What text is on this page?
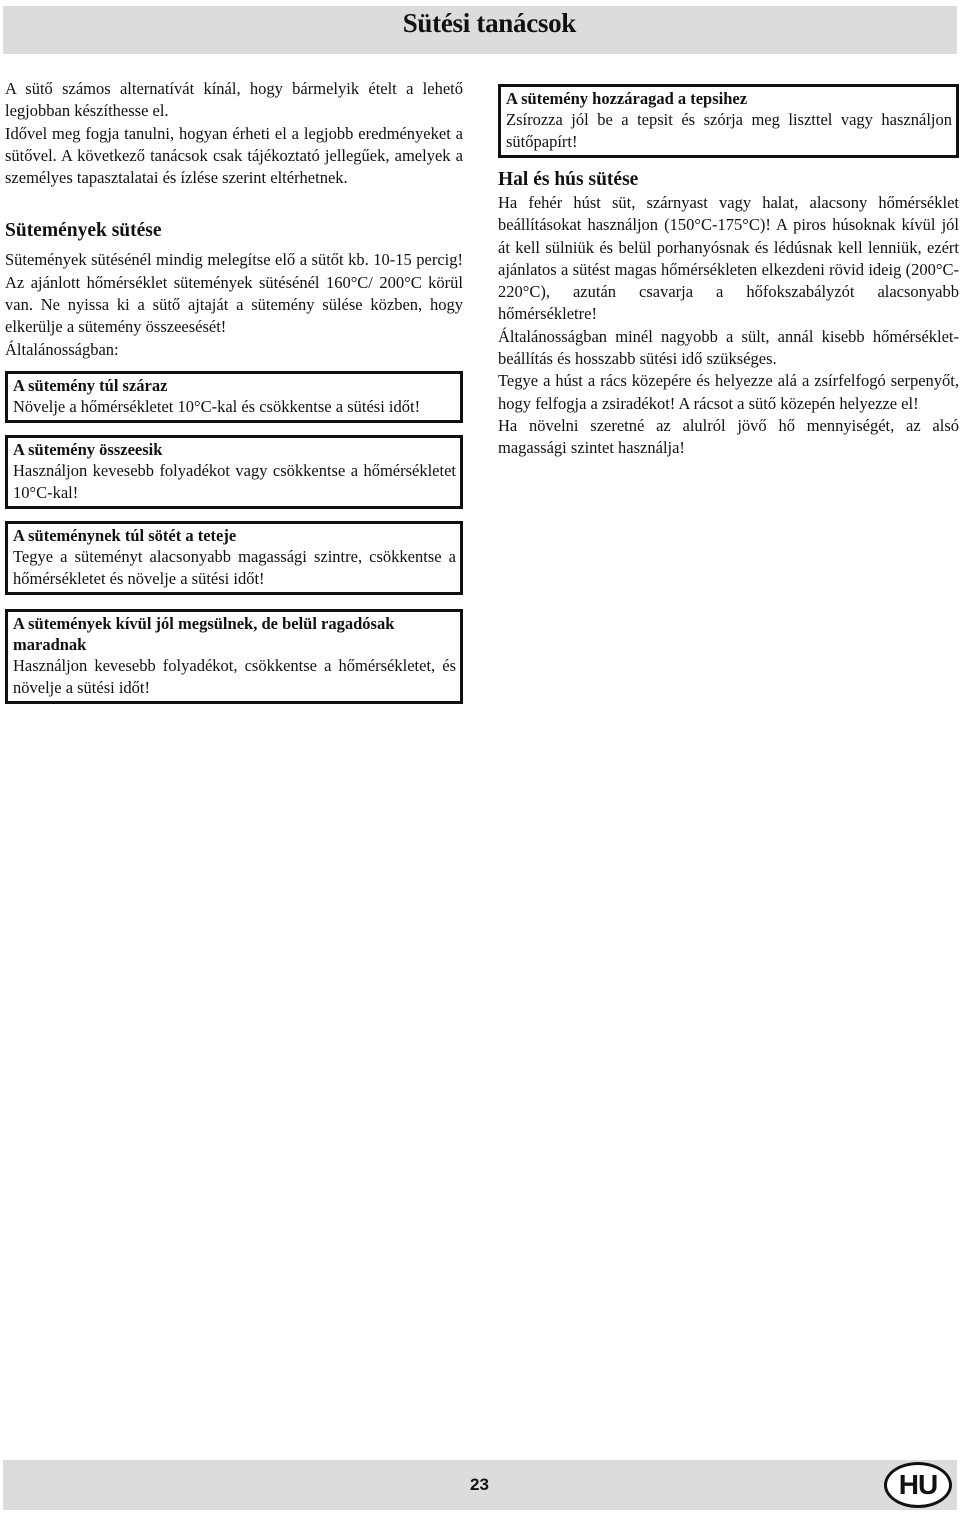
Sütési tanácsok

A sütő számos alternatívát kínál, hogy bármelyik ételt a lehető legjobban készíthesse el.

Idővel meg fogja tanulni, hogyan érheti el a legjobb eredményeket a sütővel. A következő tanácsok csak tájékoztató jellegűek, amelyek a személyes tapasztalatai és ízlése szerint eltérhetnek.

Sütemények sütése

Sütemények sütésénél mindig melegítse elő a sütőt kb. 10-15 percig! Az ajánlott hőmérséklet sütemények sütésénél 160°C/ 200°C körül van. Ne nyissa ki a sütő ajtaját a sütemény sülése közben, hogy elkerülje a sütemény összeesését!

Általánosságban:

A sütemény túl száraz

Növelje a hőmérsékletet 10°C-kal és csökkentse a sütési időt!

A sütemény összeesik

Használjon kevesebb folyadékot vagy csökkentse a hőmérsékletet 10°C-kal!

A süteménynek túl sötét a teteje

Tegye a süteményt alacsonyabb magassági szintre, csökkentse a hőmérsékletet és növelje a sütési időt!

A sütemények kívül jól megsülnek, de belül ragadósak maradnak

Használjon kevesebb folyadékot, csökkentse a hőmérsékletet, és növelje a sütési időt!

A sütemény hozzáragad a tepsihez

Zsírozza jól be a tepsit és szórja meg liszttel vagy használjon sütőpapírt!

Hal és hús sütése

Ha fehér húst süt, szárnyast vagy halat, alacsony hőmérséklet beállításokat használjon (150°C-175°C)! A piros húsoknak kívül jól át kell sülniük és belül porhanyósnak és lédúsnak kell lenniük, ezért ajánlatos a sütést magas hőmérsékleten elkezdeni rövid ideig (200°C-220°C), azután csavarja a hőfokszabályzót alacsonyabb hőmérsékletre!

Általánosságban minél nagyobb a sült, annál kisebb hőmérséklet-beállítás és hosszabb sütési idő szükséges.

Tegye a húst a rács közepére és helyezze alá a zsírfelfogó serpenyőt, hogy felfogja a zsiradékot! A rácsot a sütő közepén helyezze el!

Ha növelni szeretné az alulról jövő hő mennyiségét, az alsó magassági szintet használja!

23	HU
